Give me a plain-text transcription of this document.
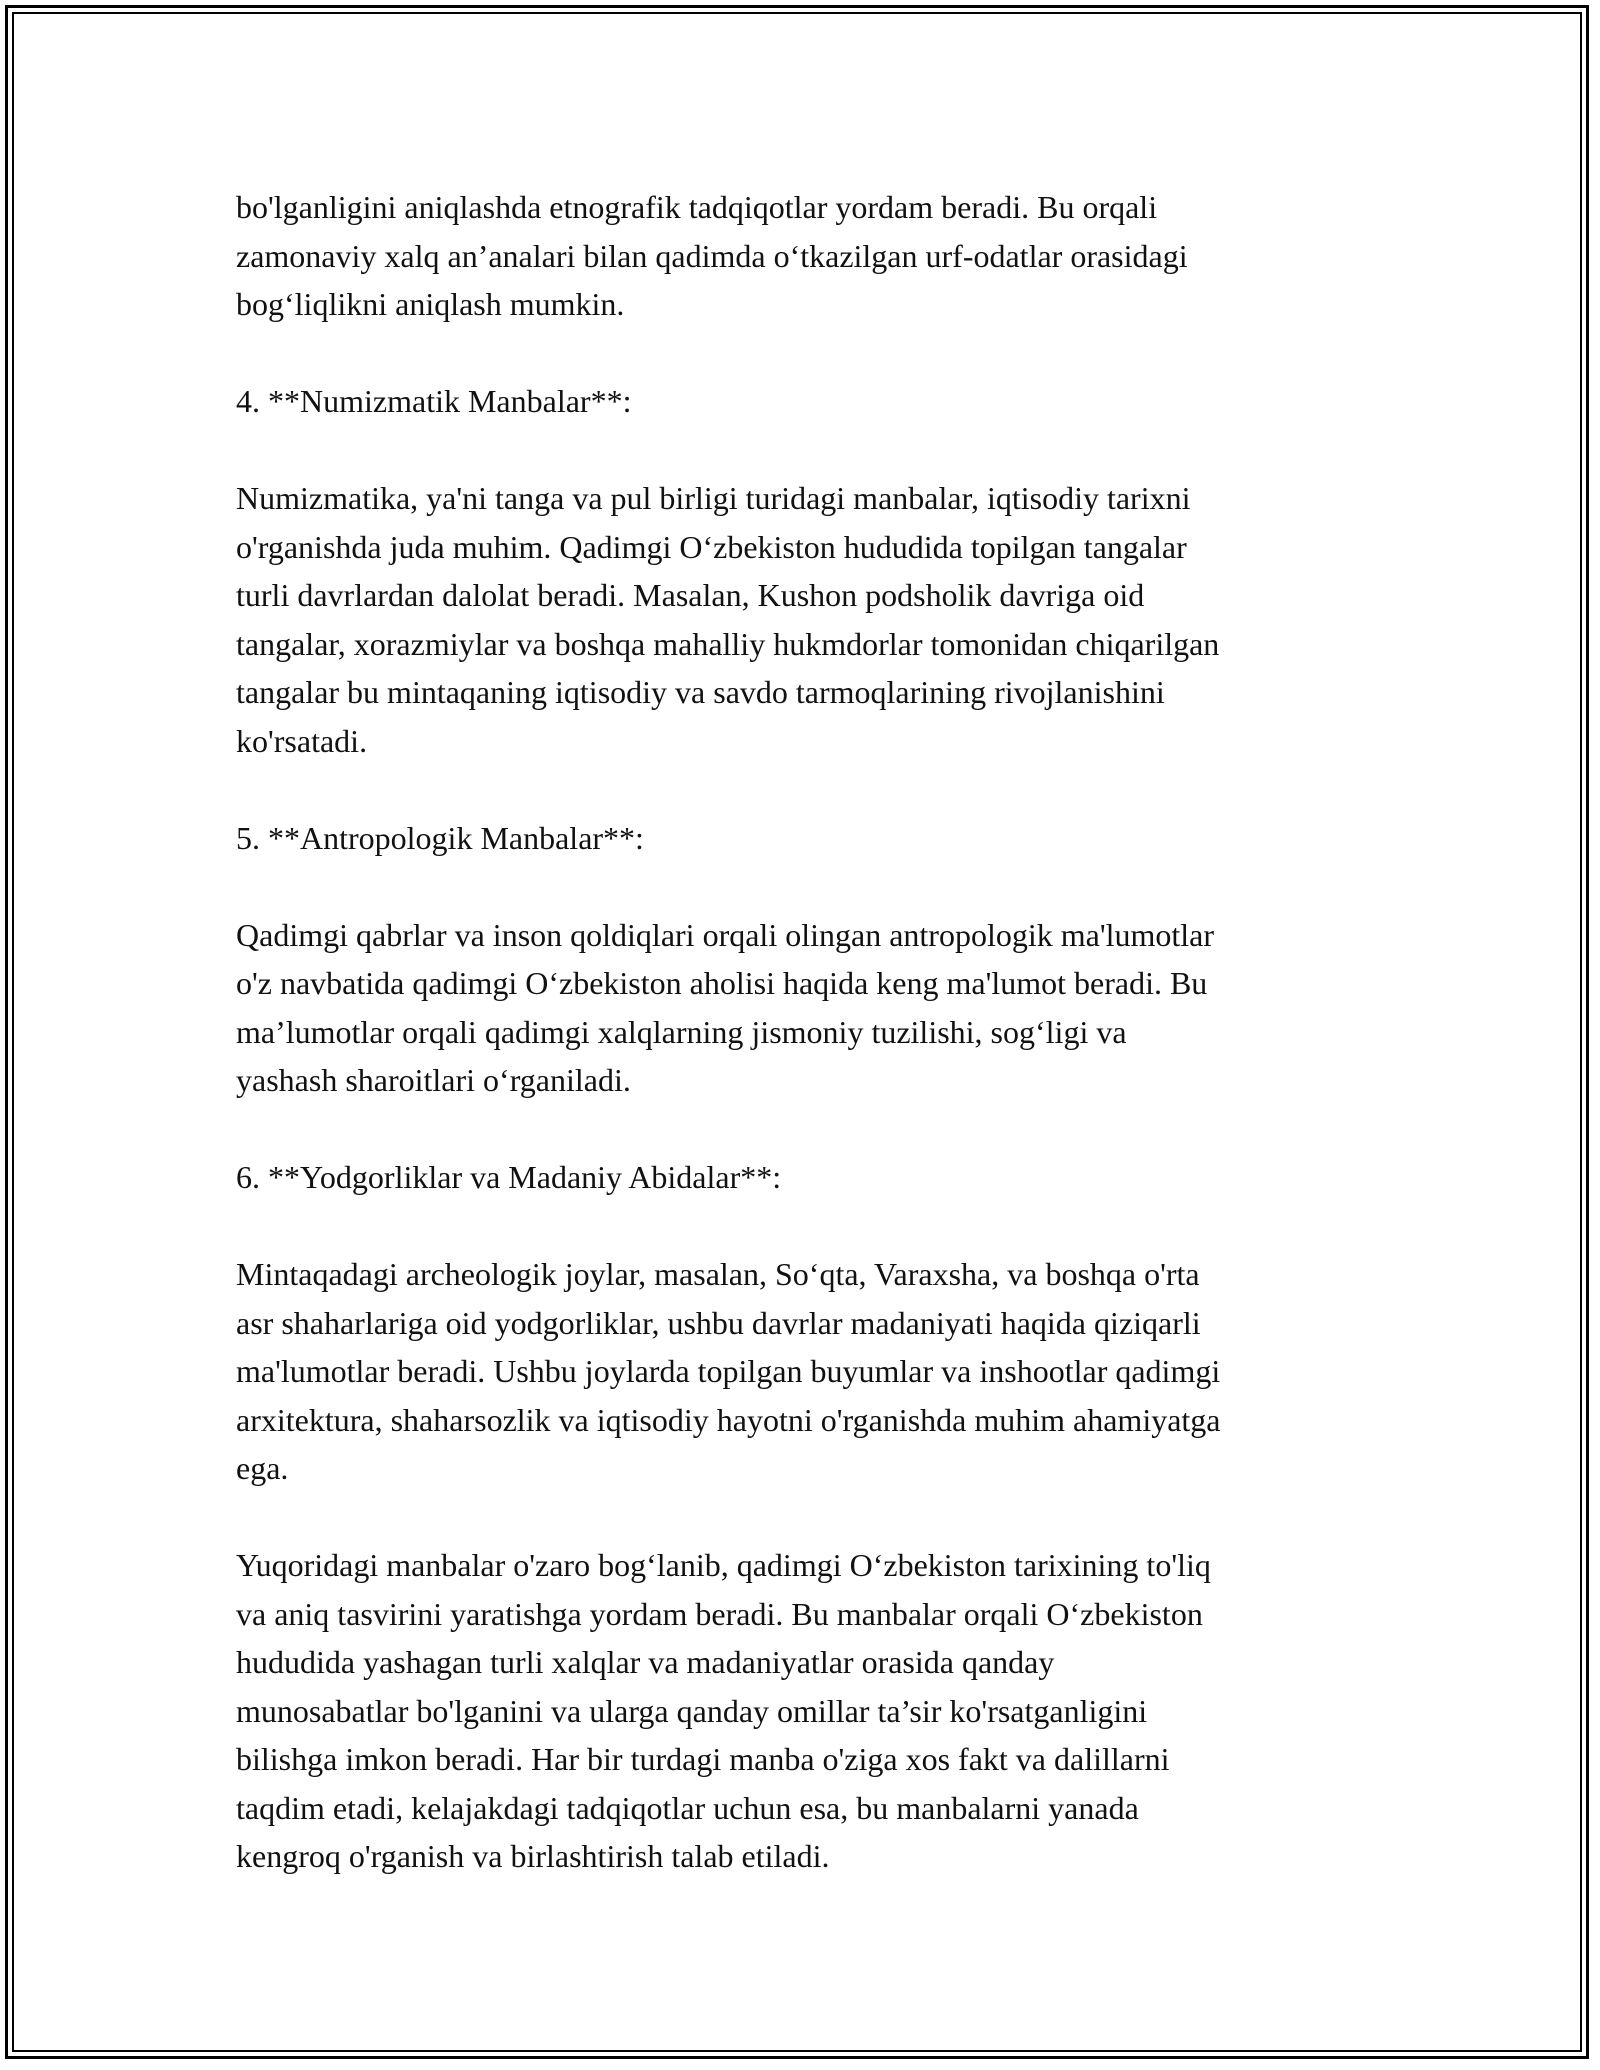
bo'lganligini aniqlashda etnografik tadqiqotlar yordam beradi. Bu orqali
zamonaviy xalq an’analari bilan qadimda o‘tkazilgan urf-odatlar orasidagi
bog‘liqlikni aniqlash mumkin.

4. **Numizmatik Manbalar**:

Numizmatika, ya'ni tanga va pul birligi turidagi manbalar, iqtisodiy tarixni
o'rganishda juda muhim. Qadimgi O‘zbekiston hududida topilgan tangalar
turli davrlardan dalolat beradi. Masalan, Kushon podsholik davriga oid
tangalar, xorazmiylar va boshqa mahalliy hukmdorlar tomonidan chiqarilgan
tangalar bu mintaqaning iqtisodiy va savdo tarmoqlarining rivojlanishini
ko'rsatadi.

5. **Antropologik Manbalar**:

Qadimgi qabrlar va inson qoldiqlari orqali olingan antropologik ma'lumotlar
o'z navbatida qadimgi O‘zbekiston aholisi haqida keng ma'lumot beradi. Bu
ma’lumotlar orqali qadimgi xalqlarning jismoniy tuzilishi, sog‘ligi va
yashash sharoitlari o‘rganiladi.

6. **Yodgorliklar va Madaniy Abidalar**:

Mintaqadagi archeologik joylar, masalan, So‘qta, Varaxsha, va boshqa o'rta
asr shaharlariga oid yodgorliklar, ushbu davrlar madaniyati haqida qiziqarli
ma'lumotlar beradi. Ushbu joylarda topilgan buyumlar va inshootlar qadimgi
arxitektura, shaharsozlik va iqtisodiy hayotni o'rganishda muhim ahamiyatga
ega.

Yuqoridagi manbalar o'zaro bog‘lanib, qadimgi O‘zbekiston tarixining to'liq
va aniq tasvirini yaratishga yordam beradi. Bu manbalar orqali O‘zbekiston
hududida yashagan turli xalqlar va madaniyatlar orasida qanday
munosabatlar bo'lganini va ularga qanday omillar ta’sir ko'rsatganligini
bilishga imkon beradi. Har bir turdagi manba o'ziga xos fakt va dalillarni
taqdim etadi, kelajakdagi tadqiqotlar uchun esa, bu manbalarni yanada
kengroq o'rganish va birlashtirish talab etiladi.
